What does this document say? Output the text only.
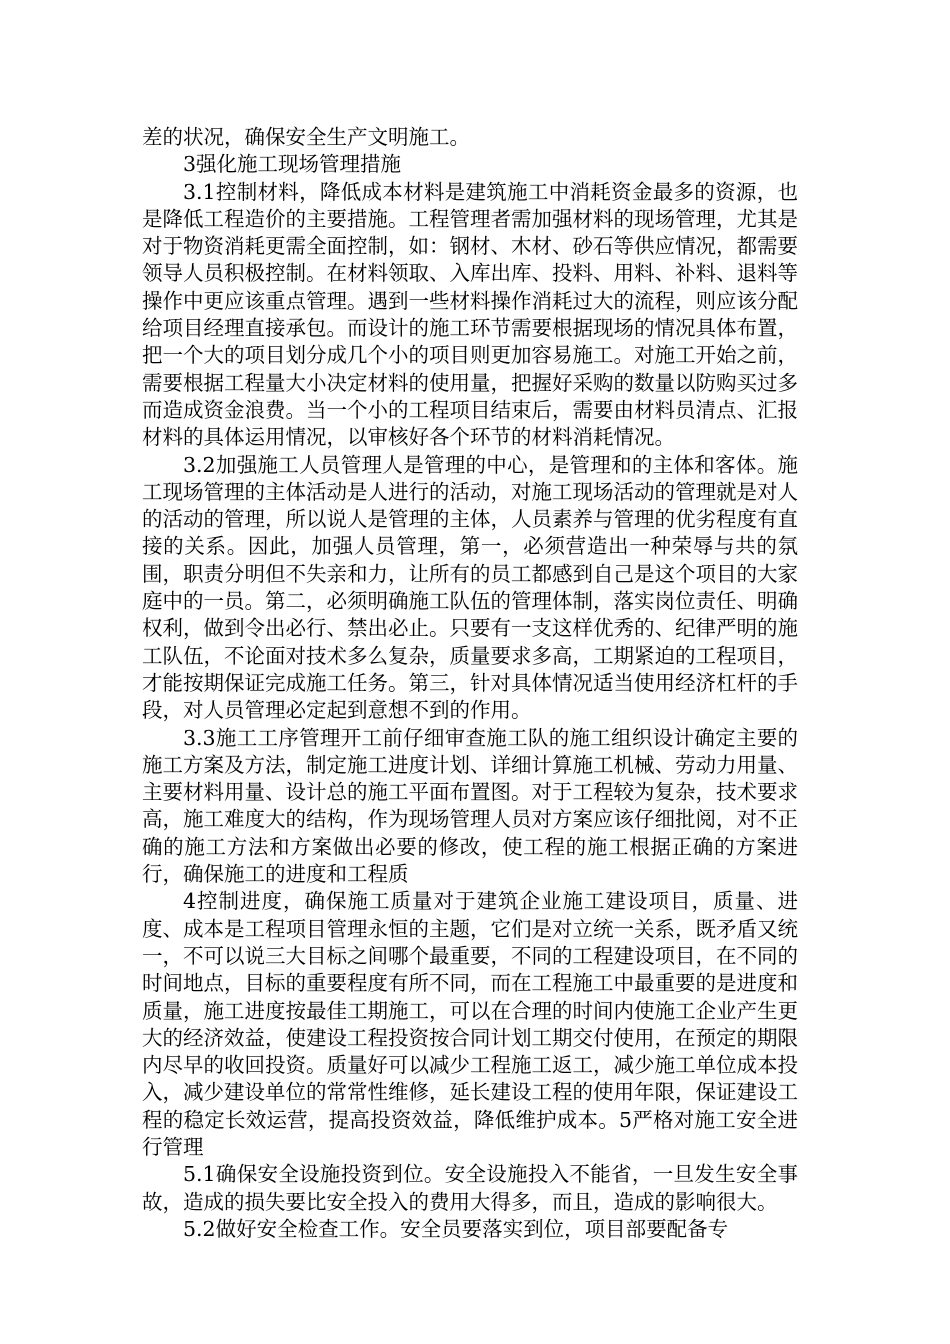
差的状况，确保安全生产文明施工。

3强化施工现场管理措施

3.1控制材料，降低成本材料是建筑施工中消耗资金最多的资源，也是降低工程造价的主要措施。工程管理者需加强材料的现场管理，尤其是对于物资消耗更需全面控制，如：钢材、木材、砂石等供应情况，都需要领导人员积极控制。在材料领取、入库出库、投料、用料、补料、退料等操作中更应该重点管理。遇到一些材料操作消耗过大的流程，则应该分配给项目经理直接承包。而设计的施工环节需要根据现场的情况具体布置，把一个大的项目划分成几个小的项目则更加容易施工。对施工开始之前，需要根据工程量大小决定材料的使用量，把握好采购的数量以防购买过多而造成资金浪费。当一个小的工程项目结束后，需要由材料员清点、汇报材料的具体运用情况，以审核好各个环节的材料消耗情况。

3.2加强施工人员管理人是管理的中心，是管理和的主体和客体。施工现场管理的主体活动是人进行的活动，对施工现场活动的管理就是对人的活动的管理，所以说人是管理的主体，人员素养与管理的优劣程度有直接的关系。因此，加强人员管理，第一，必须营造出一种荣辱与共的氛围，职责分明但不失亲和力，让所有的员工都感到自己是这个项目的大家庭中的一员。第二，必须明确施工队伍的管理体制，落实岗位责任、明确权利，做到令出必行、禁出必止。只要有一支这样优秀的、纪律严明的施工队伍，不论面对技术多么复杂，质量要求多高，工期紧迫的工程项目，才能按期保证完成施工任务。第三，针对具体情况适当使用经济杠杆的手段，对人员管理必定起到意想不到的作用。

3.3施工工序管理开工前仔细审查施工队的施工组织设计确定主要的施工方案及方法，制定施工进度计划、详细计算施工机械、劳动力用量、主要材料用量、设计总的施工平面布置图。对于工程较为复杂，技术要求高，施工难度大的结构，作为现场管理人员对方案应该仔细批阅，对不正确的施工方法和方案做出必要的修改，使工程的施工根据正确的方案进行，确保施工的进度和工程质

4控制进度，确保施工质量对于建筑企业施工建设项目，质量、进度、成本是工程项目管理永恒的主题，它们是对立统一关系，既矛盾又统一，不可以说三大目标之间哪个最重要，不同的工程建设项目，在不同的时间地点，目标的重要程度有所不同，而在工程施工中最重要的是进度和质量，施工进度按最佳工期施工，可以在合理的时间内使施工企业产生更大的经济效益，使建设工程投资按合同计划工期交付使用，在预定的期限内尽早的收回投资。质量好可以减少工程施工返工，减少施工单位成本投入，减少建设单位的常常性维修，延长建设工程的使用年限，保证建设工程的稳定长效运营，提高投资效益，降低维护成本。5严格对施工安全进行管理

5.1确保安全设施投资到位。安全设施投入不能省，一旦发生安全事故，造成的损失要比安全投入的费用大得多，而且，造成的影响很大。

5.2做好安全检查工作。安全员要落实到位，项目部要配备专
